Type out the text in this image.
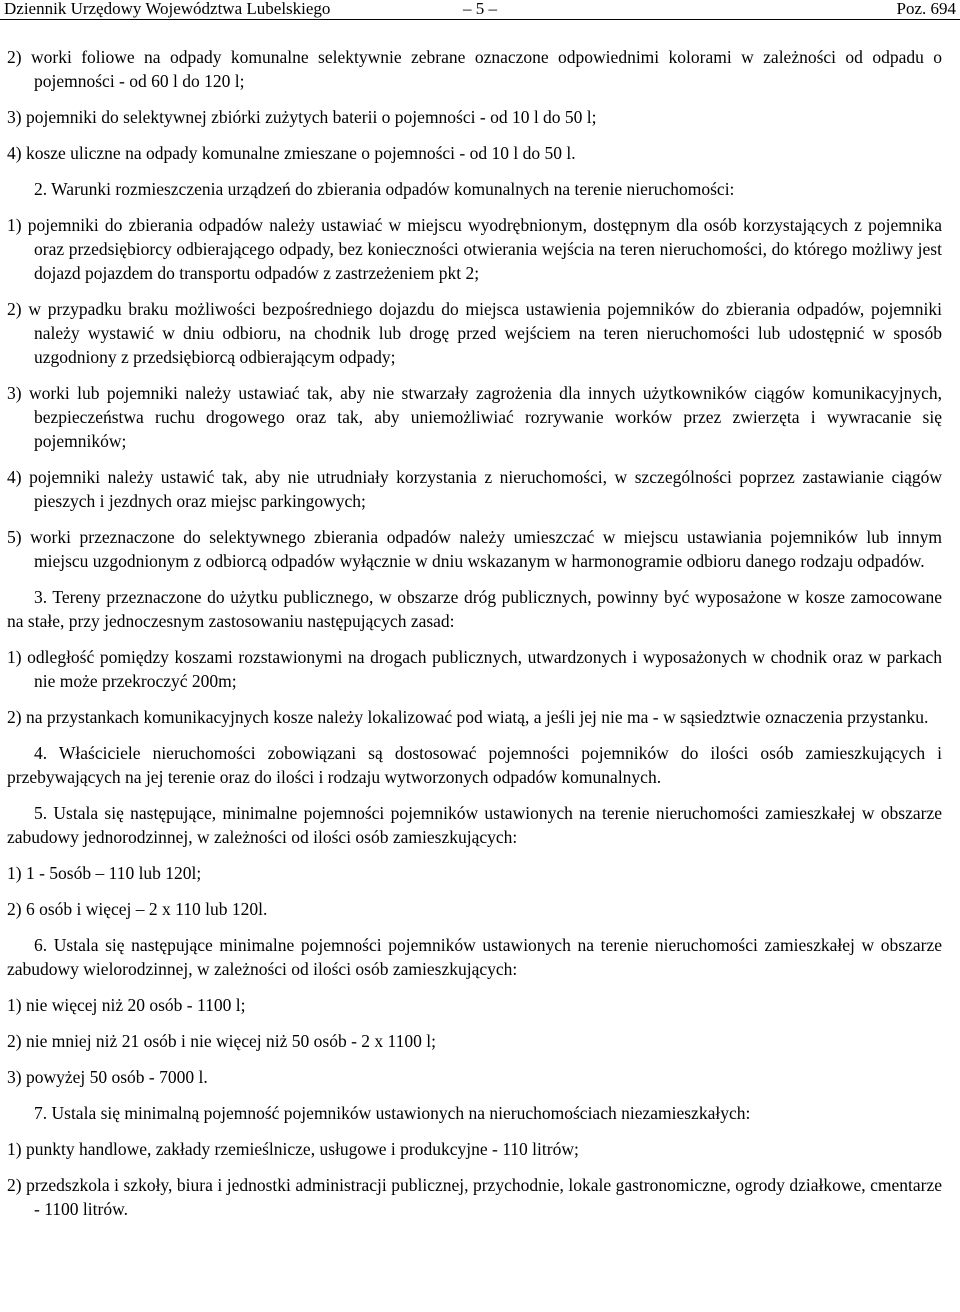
Dziennik Urzędowy Województwa Lubelskiego	– 5 –	Poz. 694

2) worki foliowe na odpady komunalne selektywnie zebrane oznaczone odpowiednimi kolorami w zależności od odpadu o pojemności - od 60 l do 120 l;

3) pojemniki do selektywnej zbiórki zużytych baterii o pojemności - od 10 l do 50 l;

4) kosze uliczne na odpady komunalne zmieszane o pojemności - od 10 l do 50 l.

2. Warunki rozmieszczenia urządzeń do zbierania odpadów komunalnych na terenie nieruchomości:

1) pojemniki do zbierania odpadów należy ustawiać w miejscu wyodrębnionym, dostępnym dla osób korzystających z pojemnika oraz przedsiębiorcy odbierającego odpady, bez konieczności otwierania wejścia na teren nieruchomości, do którego możliwy jest dojazd pojazdem do transportu odpadów z zastrzeżeniem pkt 2;

2) w przypadku braku możliwości bezpośredniego dojazdu do miejsca ustawienia pojemników do zbierania odpadów, pojemniki należy wystawić w dniu odbioru, na chodnik lub drogę przed wejściem na teren nieruchomości lub udostępnić w sposób uzgodniony z przedsiębiorcą odbierającym odpady;

3) worki lub pojemniki należy ustawiać tak, aby nie stwarzały zagrożenia dla innych użytkowników ciągów komunikacyjnych, bezpieczeństwa ruchu drogowego oraz tak, aby uniemożliwiać rozrywanie worków przez zwierzęta i wywracanie się pojemników;

4) pojemniki należy ustawić tak, aby nie utrudniały korzystania z nieruchomości, w szczególności poprzez zastawianie ciągów pieszych i jezdnych oraz miejsc parkingowych;

5) worki przeznaczone do selektywnego zbierania odpadów należy umieszczać w miejscu ustawiania pojemników lub innym miejscu uzgodnionym z odbiorcą odpadów wyłącznie w dniu wskazanym w harmonogramie odbioru danego rodzaju odpadów.

3. Tereny przeznaczone do użytku publicznego, w obszarze dróg publicznych, powinny być wyposażone w kosze zamocowane na stałe, przy jednoczesnym zastosowaniu następujących zasad:

1) odległość pomiędzy koszami rozstawionymi na drogach publicznych, utwardzonych i wyposażonych w chodnik oraz w parkach nie może przekroczyć 200m;

2) na przystankach komunikacyjnych kosze należy lokalizować pod wiatą, a jeśli jej nie ma - w sąsiedztwie oznaczenia przystanku.

4. Właściciele nieruchomości zobowiązani są dostosować pojemności pojemników do ilości osób zamieszkujących i przebywających na jej terenie oraz do ilości i rodzaju wytworzonych odpadów komunalnych.

5. Ustala się następujące, minimalne pojemności pojemników ustawionych na terenie nieruchomości zamieszkałej w obszarze zabudowy jednorodzinnej, w zależności od ilości osób zamieszkujących:

1) 1 - 5osób – 110 lub 120l;

2) 6 osób i więcej – 2 x 110 lub 120l.

6. Ustala się następujące minimalne pojemności pojemników ustawionych na terenie nieruchomości zamieszkałej w obszarze zabudowy wielorodzinnej, w zależności od ilości osób zamieszkujących:

1) nie więcej niż 20 osób - 1100 l;

2) nie mniej niż 21 osób i nie więcej niż 50 osób - 2 x 1100 l;

3) powyżej 50 osób - 7000 l.

7. Ustala się minimalną pojemność pojemników ustawionych na nieruchomościach niezamieszkałych:

1) punkty handlowe, zakłady rzemieślnicze, usługowe i produkcyjne - 110 litrów;

2) przedszkola i szkoły, biura i jednostki administracji publicznej, przychodnie, lokale gastronomiczne, ogrody działkowe, cmentarze - 1100 litrów.
